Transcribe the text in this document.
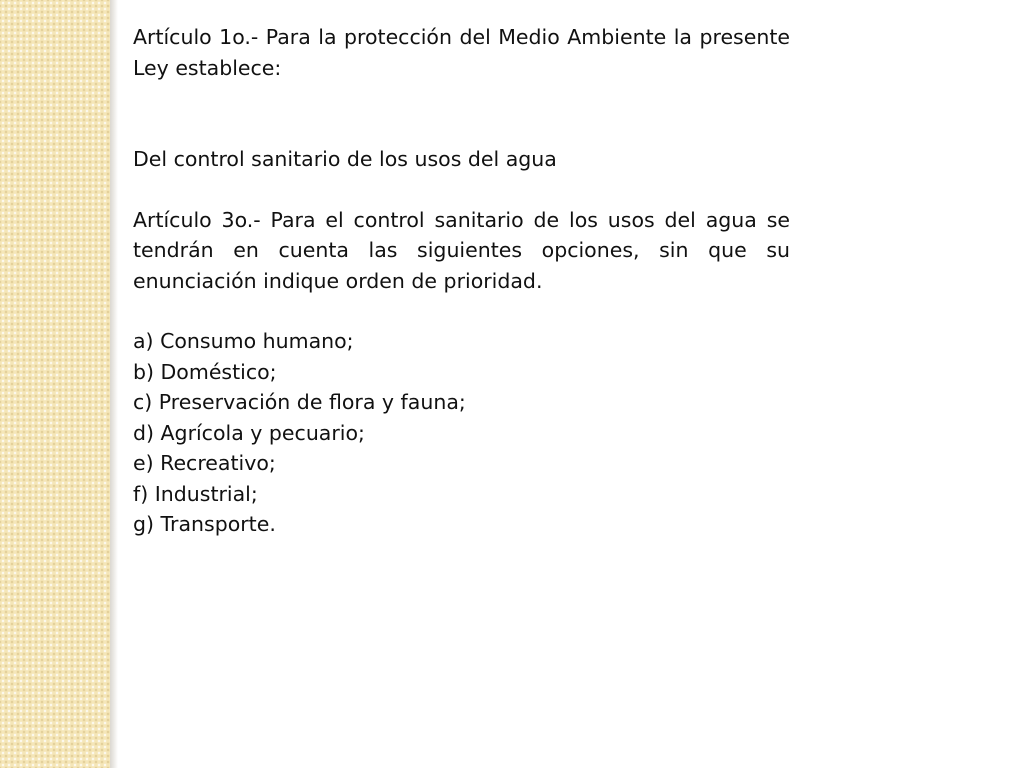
Artículo 1o.- Para la protección del Medio Ambiente la presente Ley establece:

Del control sanitario de los usos del agua

Artículo 3o.- Para el control sanitario de los usos del agua se tendrán en cuenta las siguientes opciones, sin que su enunciación indique orden de prioridad.

a) Consumo humano;
b) Doméstico;
c) Preservación de flora y fauna;
d) Agrícola y pecuario;
e) Recreativo;
f) Industrial;
g) Transporte.
